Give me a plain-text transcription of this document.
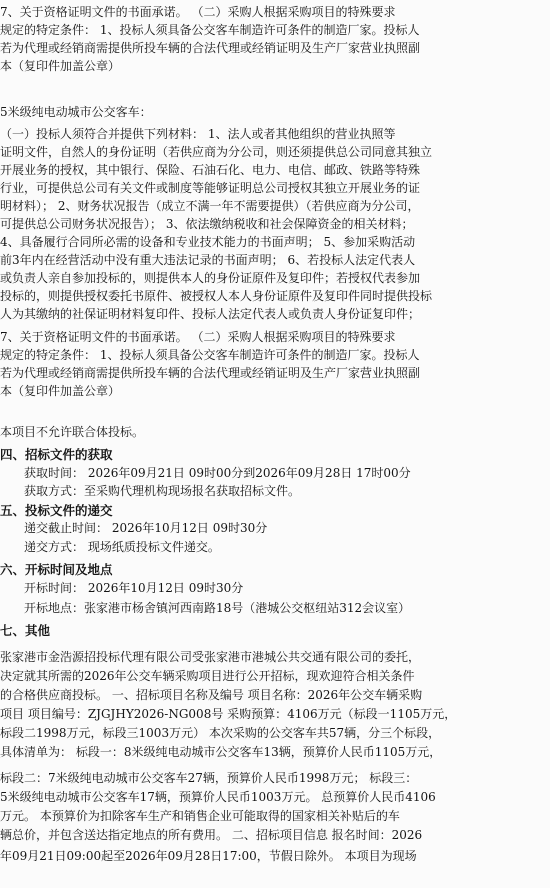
7、关于资格证明文件的书面承诺。 （二）采购人根据采购项目的特殊要求
规定的特定条件： 1、投标人须具备公交客车制造许可条件的制造厂家。投标人
若为代理或经销商需提供所投车辆的合法代理或经销证明及生产厂家营业执照副
本（复印件加盖公章）
5米级纯电动城市公交客车：
（一）投标人须符合并提供下列材料： 1、法人或者其他组织的营业执照等
证明文件，自然人的身份证明（若供应商为分公司，则还须提供总公司同意其独立
开展业务的授权，其中银行、保险、石油石化、电力、电信、邮政、铁路等特殊
行业，可提供总公司有关文件或制度等能够证明总公司授权其独立开展业务的证
明材料）； 2、财务状况报告（成立不满一年不需要提供）（若供应商为分公司，
可提供总公司财务状况报告）； 3、依法缴纳税收和社会保障资金的相关材料；
4、具备履行合同所必需的设备和专业技术能力的书面声明； 5、参加采购活动
前3年内在经营活动中没有重大违法记录的书面声明； 6、若投标人法定代表人
或负责人亲自参加投标的，则提供本人的身份证原件及复印件；若授权代表参加
投标的，则提供授权委托书原件、被授权人本人身份证原件及复印件同时提供投标
人为其缴纳的社保证明材料复印件、投标人法定代表人或负责人身份证复印件；
7、关于资格证明文件的书面承诺。 （二）采购人根据采购项目的特殊要求
规定的特定条件： 1、投标人须具备公交客车制造许可条件的制造厂家。投标人
若为代理或经销商需提供所投车辆的合法代理或经销证明及生产厂家营业执照副
本（复印件加盖公章）
本项目不允许联合体投标。
四、招标文件的获取
获取时间： 2026年09月21日 09时00分到2026年09月28日 17时00分
获取方式：至采购代理机构现场报名获取招标文件。
五、投标文件的递交
递交截止时间： 2026年10月12日 09时30分
递交方式： 现场纸质投标文件递交。
六、开标时间及地点
开标时间： 2026年10月12日 09时30分
开标地点：张家港市杨舍镇河西南路18号（港城公交枢纽站312会议室）
七、其他
张家港市金浩源招投标代理有限公司受张家港市港城公共交通有限公司的委托，
决定就其所需的2026年公交车辆采购项目进行公开招标，现欢迎符合相关条件
的合格供应商投标。 一、招标项目名称及编号 项目名称：2026年公交车辆采购
项目 项目编号：ZJGJHY2026-NG008号 采购预算：4106万元（标段一1105万元，
标段二1998万元，标段三1003万元） 本次采购的公交客车共57辆，分三个标段，
具体清单为： 标段一：8米级纯电动城市公交客车13辆，预算价人民币1105万元，
标段二：7米级纯电动城市公交客车27辆，预算价人民币1998万元； 标段三：
5米级纯电动城市公交客车17辆，预算价人民币1003万元。 总预算价人民币4106
万元。 本预算价为扣除客车生产和销售企业可能取得的国家相关补贴后的车
辆总价，并包含送达指定地点的所有费用。 二、招标项目信息 报名时间：2026
年09月21日09:00起至2026年09月28日17:00，节假日除外。 本项目为现场
